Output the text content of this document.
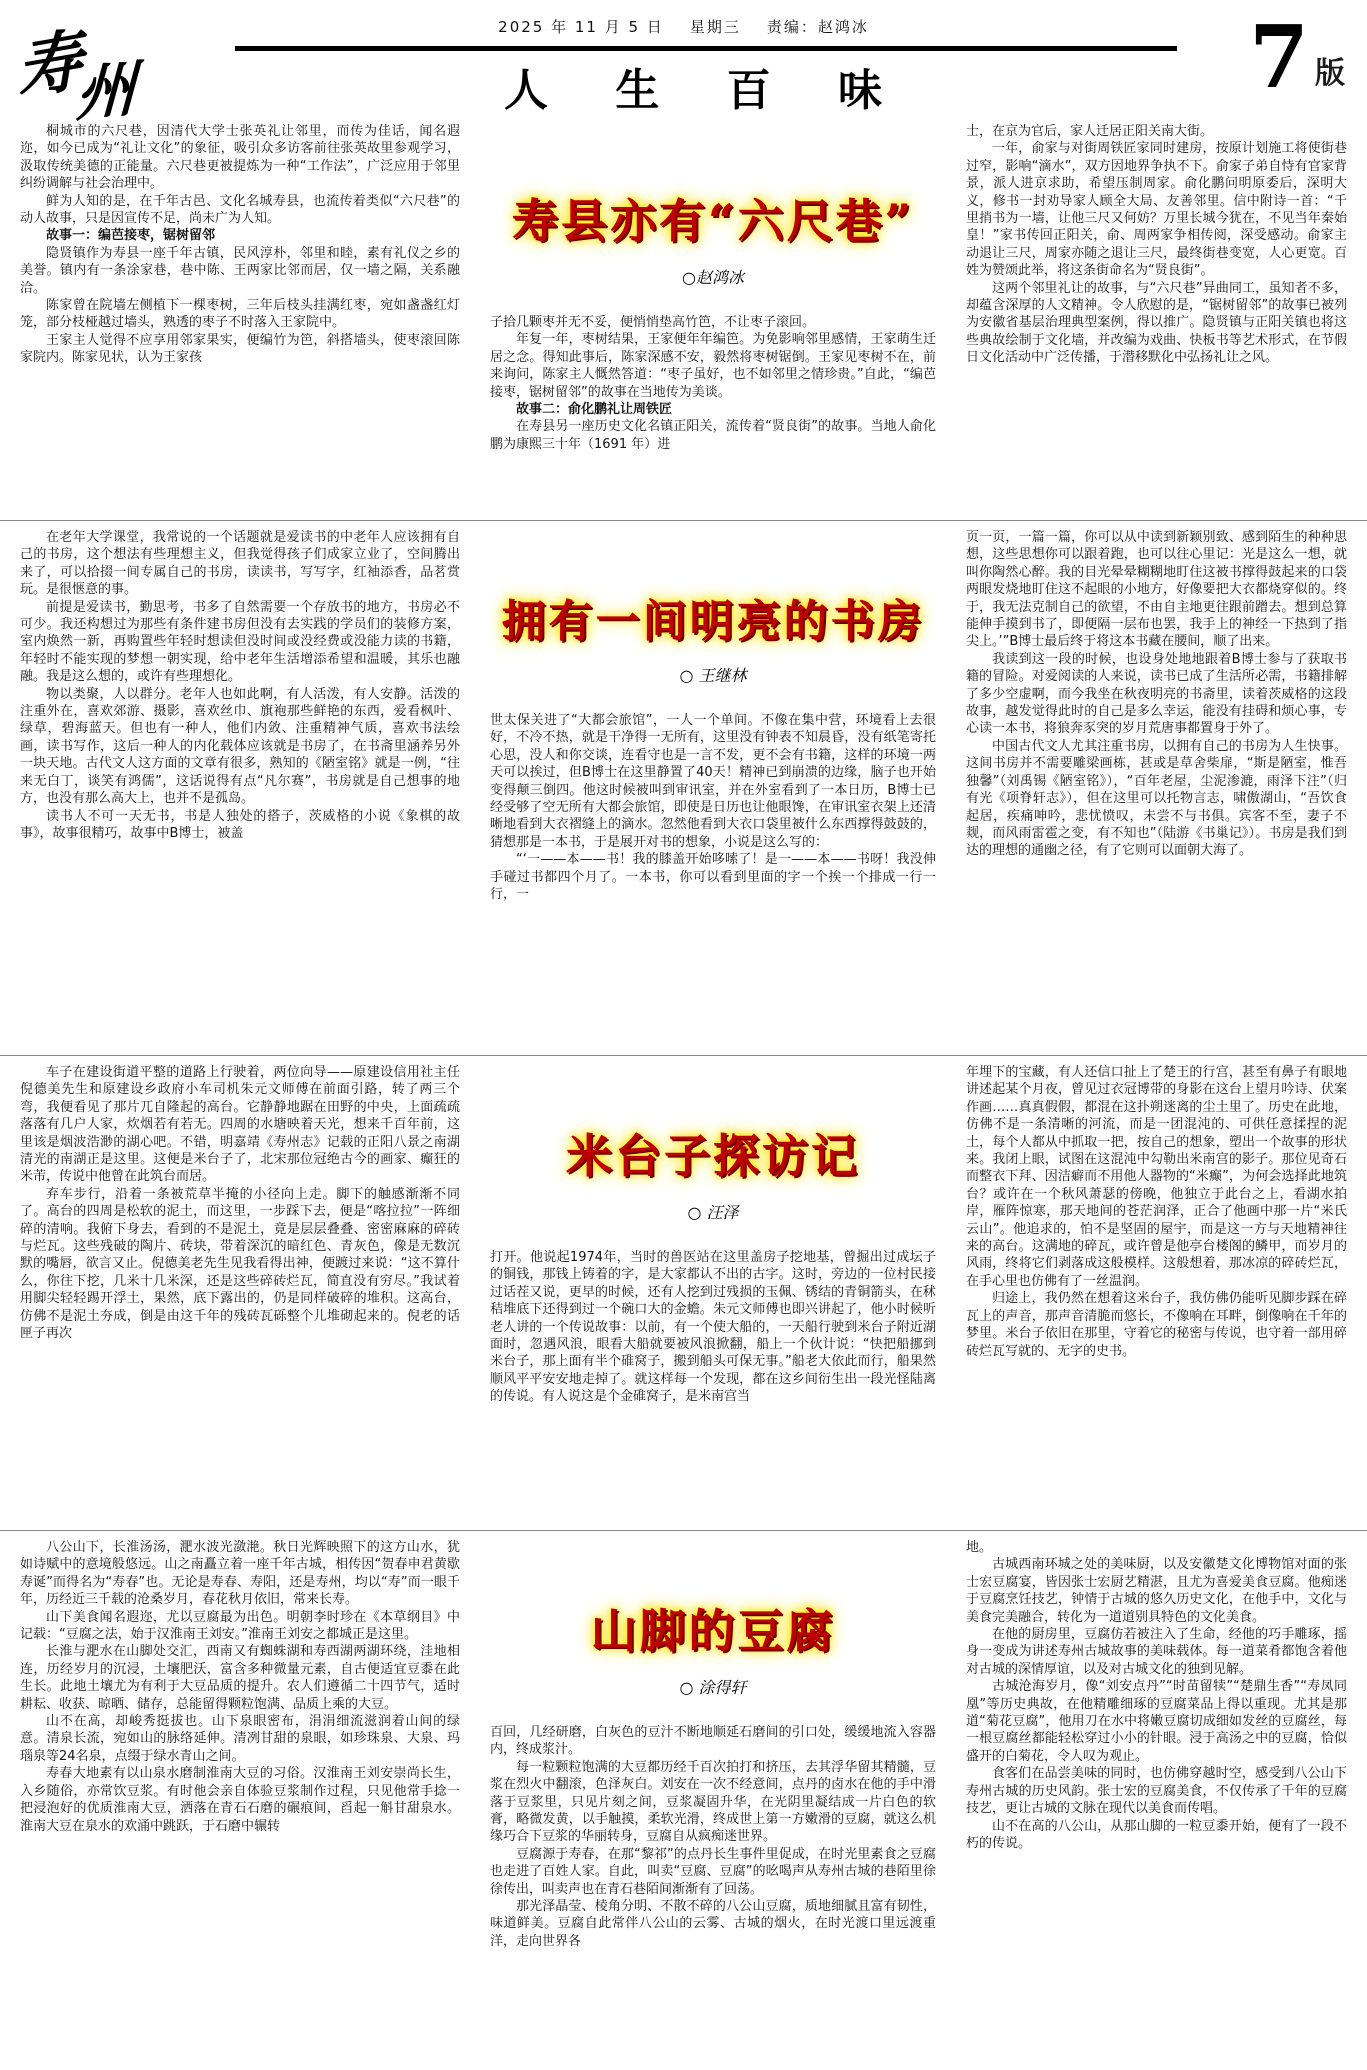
2025 年 11 月 5 日 星期三 责编：赵鸿冰
寿
州	人 生 百 味	7 版

桐城市的六尺巷，因清代大学士张英礼让邻里，而传为佳话，闻名遐迩，如今已成为“礼让文化”的象征，吸引众多访客前往张英故里参观学习，汲取传统美德的正能量。六尺巷更被提炼为一种“工作法”，广泛应用于邻里纠纷调解与社会治理中。

鲜为人知的是，在千年古邑、文化名城寿县，也流传着类似“六尺巷”的动人故事，只是因宣传不足，尚未广为人知。

故事一：编芭接枣，锯树留邻

隐贤镇作为寿县一座千年古镇，民风淳朴，邻里和睦，素有礼仪之乡的美誉。镇内有一条涂家巷，巷中陈、王两家比邻而居，仅一墙之隔，关系融洽。

陈家曾在院墙左侧植下一棵枣树，三年后枝头挂满红枣，宛如盏盏红灯笼，部分枝桠越过墙头，熟透的枣子不时落入王家院中。

王家主人觉得不应享用邻家果实，便编竹为笆，斜搭墙头，使枣滚回陈家院内。陈家见状，认为王家孩

寿县亦有“六尺巷”
○赵鸿冰

子拾几颗枣并无不妥，便悄悄垫高竹笆，不让枣子滚回。

年复一年，枣树结果，王家便年年编笆。为免影响邻里感情，王家萌生迁居之念。得知此事后，陈家深感不安，毅然将枣树锯倒。王家见枣树不在，前来询问，陈家主人慨然答道：“枣子虽好，也不如邻里之情珍贵。”自此，“编芭接枣，锯树留邻”的故事在当地传为美谈。

故事二：俞化鹏礼让周铁匠

在寿县另一座历史文化名镇正阳关，流传着“贤良街”的故事。当地人俞化鹏为康熙三十年（1691 年）进

士，在京为官后，家人迁居正阳关南大街。

一年，俞家与对街周铁匠家同时建房，按原计划施工将使街巷过窄，影响“滴水”，双方因地界争执不下。俞家子弟自恃有官家背景，派人进京求助，希望压制周家。俞化鹏问明原委后，深明大义，修书一封劝导家人顾全大局、友善邻里。信中附诗一首：“千里捎书为一墙，让他三尺又何妨？万里长城今犹在，不见当年秦始皇！”家书传回正阳关，俞、周两家争相传阅，深受感动。俞家主动退让三尺，周家亦随之退让三尺，最终街巷变宽，人心更宽。百姓为赞颂此举，将这条街命名为“贤良街”。

这两个邻里礼让的故事，与“六尺巷”异曲同工，虽知者不多，却蕴含深厚的人文精神。令人欣慰的是，“锯树留邻”的故事已被列为安徽省基层治理典型案例，得以推广。隐贤镇与正阳关镇也将这些典故绘制于文化墙，并改编为戏曲、快板书等艺术形式，在节假日文化活动中广泛传播，于潜移默化中弘扬礼让之风。

在老年大学课堂，我常说的一个话题就是爱读书的中老年人应该拥有自己的书房，这个想法有些理想主义，但我觉得孩子们成家立业了，空间腾出来了，可以拾掇一间专属自己的书房，读读书，写写字，红袖添香，品茗赏玩。是很惬意的事。

前提是爱读书，勤思考，书多了自然需要一个存放书的地方，书房必不可少。我还构想过为那些有条件建书房但没有去实践的学员们的装修方案，室内焕然一新，再购置些年轻时想读但没时间或没经费或没能力读的书籍，年轻时不能实现的梦想一朝实现，给中老年生活增添希望和温暖，其乐也融融。我是这么想的，或许有些理想化。

物以类聚，人以群分。老年人也如此啊，有人活泼，有人安静。活泼的注重外在，喜欢郊游、摄影，喜欢丝巾、旗袍那些鲜艳的东西，爱看枫叶、绿草，碧海蓝天。但也有一种人，他们内敛、注重精神气质，喜欢书法绘画，读书写作，这后一种人的内化载体应该就是书房了，在书斋里涵养另外一块天地。古代文人这方面的文章有很多，熟知的《陋室铭》就是一例，“往来无白丁，谈笑有鸿儒”，这话说得有点“凡尔赛”，书房就是自己想事的地方，也没有那么高大上，也并不是孤岛。

读书人不可一天无书，书是人独处的搭子，茨威格的小说《象棋的故事》，故事很精巧，故事中B博士，被盖

拥有一间明亮的书房
○ 王继林

世太保关进了“大都会旅馆”，一人一个单间。不像在集中营，环境看上去很好，不冷不热，就是干净得一无所有，这里没有钟表不知晨昏，没有纸笔寄托心思，没人和你交谈，连看守也是一言不发，更不会有书籍，这样的环境一两天可以挨过，但B博士在这里静置了40天！精神已到崩溃的边缘，脑子也开始变得颠三倒四。他这时候被叫到审讯室，并在外室看到了一本日历，B博士已经受够了空无所有大都会旅馆，即使是日历也让他眼馋，在审讯室衣架上还清晰地看到大衣褶缝上的滴水。忽然他看到大衣口袋里被什么东西撑得鼓鼓的，猜想那是一本书，于是展开对书的想象，小说是这么写的：

“‘一——本——书！我的膝盖开始哆嗦了！是一——本——书呀！我没伸手碰过书都四个月了。一本书，你可以看到里面的字一个挨一个排成一行一行，一

页一页，一篇一篇，你可以从中读到新颖别致、感到陌生的种种思想，这些思想你可以跟着跑，也可以往心里记：光是这么一想，就叫你陶然心醉。我的目光晕晕糊糊地盯住这被书撑得鼓起来的口袋两眼发烧地盯住这不起眼的小地方，好像要把大衣都烧穿似的。终于，我无法克制自己的欲望，不由自主地更往跟前蹭去。想到总算能伸手摸到书了，即便隔一层布也罢，我手上的神经一下热到了指尖上。’”B博士最后终于将这本书藏在腰间，顺了出来。

我读到这一段的时候，也设身处地地跟着B博士参与了获取书籍的冒险。对爱阅读的人来说，读书已成了生活所必需，书籍排解了多少空虚啊，而今我坐在秋夜明亮的书斋里，读着茨威格的这段故事，越发觉得此时的自己是多么幸运，能没有挂碍和烦心事，专心读一本书，将狼奔豕突的岁月荒唐事都置身于外了。

中国古代文人尤其注重书房，以拥有自己的书房为人生快事。这间书房并不需要雕梁画栋，甚或是草舍柴扉，“斯是陋室，惟吾独馨”（刘禹锡《陋室铭》），“百年老屋，尘泥渗漉，雨泽下注”（归有光《项脊轩志》），但在这里可以托物言志，啸傲湖山，“吾饮食起居，疾痛呻吟，悲忧愤叹，未尝不与书俱。宾客不至，妻子不觌，而风雨雷雹之变，有不知也”（陆游《书巢记》）。书房是我们到达的理想的通幽之径，有了它则可以面朝大海了。

车子在建设街道平整的道路上行驶着，两位向导——原建设信用社主任倪德美先生和原建设乡政府小车司机朱元文师傅在前面引路，转了两三个弯，我便看见了那片兀自隆起的高台。它静静地踞在田野的中央，上面疏疏落落有几户人家，炊烟若有若无。四周的水塘映着天光，想来千百年前，这里该是烟波浩渺的湖心吧。不错，明嘉靖《寿州志》记载的正阳八景之南湖清光的南湖正是这里。这便是米台子了，北宋那位冠绝古今的画家、癫狂的米芾，传说中他曾在此筑台而居。

弃车步行，沿着一条被荒草半掩的小径向上走。脚下的触感渐渐不同了。高台的四周是松软的泥土，而这里，一步踩下去，便是“喀拉拉”一阵细碎的清响。我俯下身去，看到的不是泥土，竟是层层叠叠、密密麻麻的碎砖与烂瓦。这些残破的陶片、砖块，带着深沉的暗红色、青灰色，像是无数沉默的嘴唇，欲言又止。倪德美老先生见我看得出神，便踱过来说：“这不算什么，你往下挖，几米十几米深，还是这些碎砖烂瓦，简直没有穷尽。”我试着用脚尖轻轻踢开浮土，果然，底下露出的，仍是同样破碎的堆积。这高台，仿佛不是泥土夯成，倒是由这千年的残砖瓦砾整个儿堆砌起来的。倪老的话匣子再次

米台子探访记
○ 汪泽

打开。他说起1974年，当时的兽医站在这里盖房子挖地基，曾掘出过成坛子的铜钱，那钱上铸着的字，是大家都认不出的古字。这时，旁边的一位村民接过话茬又说，更早的时候，还有人挖到过残损的玉佩、锈结的青铜箭头，在秫秸堆底下还得到过一个碗口大的金蟾。朱元文师傅也即兴讲起了，他小时候听老人讲的一个传说故事：以前，有一个使大船的，一天船行驶到米台子附近湖面时，忽遇风浪，眼看大船就要被风浪掀翻，船上一个伙计说：“快把船挪到米台子，那上面有半个碓窝子，搬到船头可保无事。”船老大依此而行，船果然顺风平平安安地走掉了。就这样每一个发现，都在这乡间衍生出一段光怪陆离的传说。有人说这是个金碓窝子，是米南宫当

年埋下的宝藏，有人还信口扯上了楚王的行宫，甚至有鼻子有眼地讲述起某个月夜，曾见过衣冠博带的身影在这台上望月吟诗、伏案作画……真真假假，都混在这扑朔迷离的尘土里了。历史在此地，仿佛不是一条清晰的河流，而是一团混沌的、可供任意揉捏的泥土，每个人都从中抓取一把，按自己的想象，塑出一个故事的形状来。我闭上眼，试图在这混沌中勾勒出米南宫的影子。那位见奇石而整衣下拜、因洁癖而不用他人器物的“米癫”，为何会选择此地筑台？或许在一个秋风萧瑟的傍晚，他独立于此台之上，看湖水拍岸，雁阵惊寒，那天地间的苍茫润泽，正合了他画中那一片“米氏云山”。他追求的，怕不是坚固的屋宇，而是这一方与天地精神往来的高台。这满地的碎瓦，或许曾是他亭台楼阁的鳞甲，而岁月的风雨，终将它们剥落成这般模样。这般想着，那冰凉的碎砖烂瓦，在手心里也仿佛有了一丝温润。

归途上，我仍然在想着这米台子，我仿佛仍能听见脚步踩在碎瓦上的声音，那声音清脆而悠长，不像响在耳畔，倒像响在千年的梦里。米台子依旧在那里，守着它的秘密与传说，也守着一部用碎砖烂瓦写就的、无字的史书。

八公山下，长淮汤汤，淝水波光潋滟。秋日光辉映照下的这方山水，犹如诗赋中的意境般悠远。山之南矗立着一座千年古城，相传因“贺春申君黄歇寿诞”而得名为“寿春”也。无论是寿春、寿阳，还是寿州，均以“寿”而一眼千年，历经近三千载的沧桑岁月，春花秋月依旧，常来长寿。

山下美食闻名遐迩，尤以豆腐最为出色。明朝李时珍在《本草纲目》中记载：“豆腐之法，始于汉淮南王刘安。”淮南王刘安之都城正是这里。

长淮与淝水在山脚处交汇，西南又有蜘蛛湖和寿西湖两湖环绕，洼地相连，历经岁月的沉浸，土壤肥沃，富含多种微量元素，自古便适宜豆黍在此生长。此地土壤尤为有利于大豆品质的提升。农人们遵循二十四节气，适时耕耘、收获、晾晒、储存，总能留得颗粒饱满、品质上乘的大豆。

山不在高，却峻秀挺拔也。山下泉眼密布，涓涓细流滋润着山间的绿意。清泉长流，宛如山的脉络延伸。清冽甘甜的泉眼，如珍珠泉、大泉、玛瑙泉等24名泉，点缀于绿水青山之间。

寿春大地素有以山泉水磨制淮南大豆的习俗。汉淮南王刘安崇尚长生，入乡随俗，亦常饮豆浆。有时他会亲自体验豆浆制作过程，只见他常手捻一把浸泡好的优质淮南大豆，洒落在青石石磨的碾痕间，舀起一斛甘甜泉水。淮南大豆在泉水的欢涌中跳跃，于石磨中辗转

山脚的豆腐
○ 涂得轩

百回，几经研磨，白灰色的豆汁不断地顺延石磨间的引口处，缓缓地流入容器内，终成浆汁。

每一粒颗粒饱满的大豆都历经千百次拍打和挤压，去其浮华留其精髓，豆浆在烈火中翻滚，色泽灰白。刘安在一次不经意间，点丹的卤水在他的手中滑落于豆浆里，只见片刻之间，豆浆凝固升华，在光阴里凝结成一片白色的软膏，略微发黄，以手触摸，柔软光滑，终成世上第一方嫩滑的豆腐，就这么机缘巧合下豆浆的华丽转身，豆腐自从疯痴迷世界。

豆腐源于寿春，在那“黎祁”的点丹长生事件里促成，在时光里素食之豆腐也走进了百姓人家。自此，叫卖“豆腐、豆腐”的吆喝声从寿州古城的巷陌里徐徐传出，叫卖声也在青石巷陌间渐渐有了回荡。

那光泽晶莹、棱角分明、不散不碎的八公山豆腐，质地细腻且富有韧性，味道鲜美。豆腐自此常伴八公山的云雾、古城的烟火，在时光渡口里远渡重洋，走向世界各

地。

古城西南环城之处的美味厨，以及安徽楚文化博物馆对面的张士宏豆腐宴，皆因张士宏厨艺精湛，且尤为喜爱美食豆腐。他痴迷于豆腐烹饪技艺，钟情于古城的悠久历史文化，在他手中，文化与美食完美融合，转化为一道道别具特色的文化美食。

在他的厨房里，豆腐仿若被注入了生命，经他的巧手雕琢，摇身一变成为讲述寿州古城故事的美味载体。每一道菜肴都饱含着他对古城的深情厚谊，以及对古城文化的独到见解。

古城沧海岁月，像“刘安点丹”“时苗留犊”“楚鼎生香”“寿凤同凰”等历史典故，在他精雕细琢的豆腐菜品上得以重现。尤其是那道“菊花豆腐”，他用刀在水中将嫩豆腐切成细如发丝的豆腐丝，每一根豆腐丝都能轻松穿过小小的针眼。浸于高汤之中的豆腐，恰似盛开的白菊花，令人叹为观止。

食客们在品尝美味的同时，也仿佛穿越时空，感受到八公山下寿州古城的历史风韵。张士宏的豆腐美食，不仅传承了千年的豆腐技艺，更让古城的文脉在现代以美食而传唱。

山不在高的八公山，从那山脚的一粒豆黍开始，便有了一段不朽的传说。
